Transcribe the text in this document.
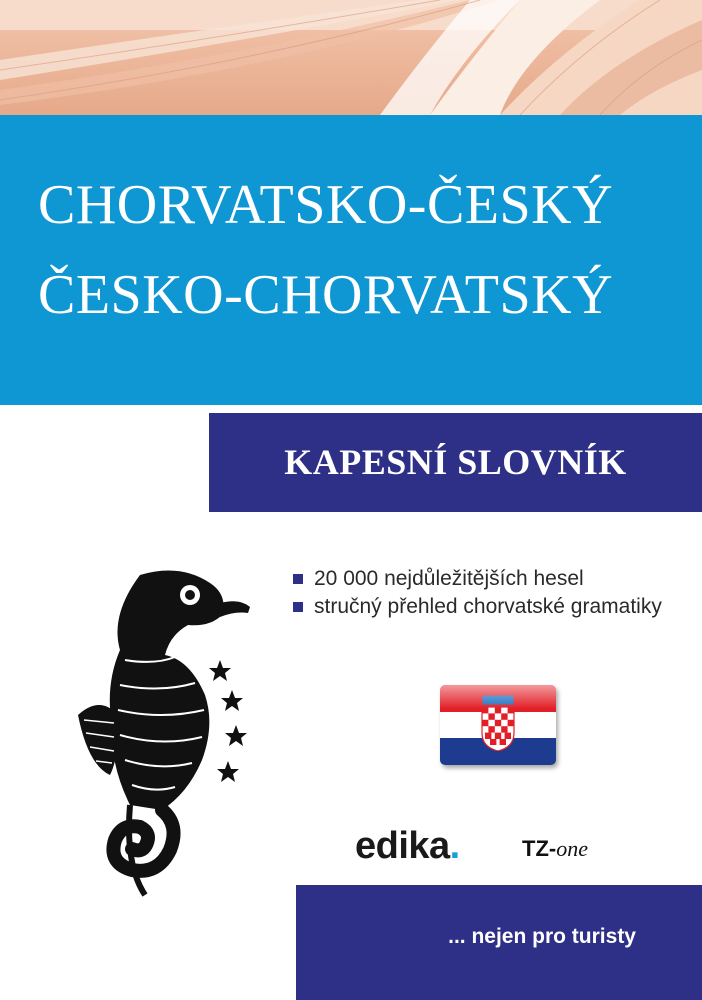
CHORVATSKO-ČESKÝ
ČESKO-CHORVATSKÝ
KAPESNÍ SLOVNÍK
20 000 nejdůležitějších hesel
stručný přehled chorvatské gramatiky
edika.	TZ-one
... nejen pro turisty
